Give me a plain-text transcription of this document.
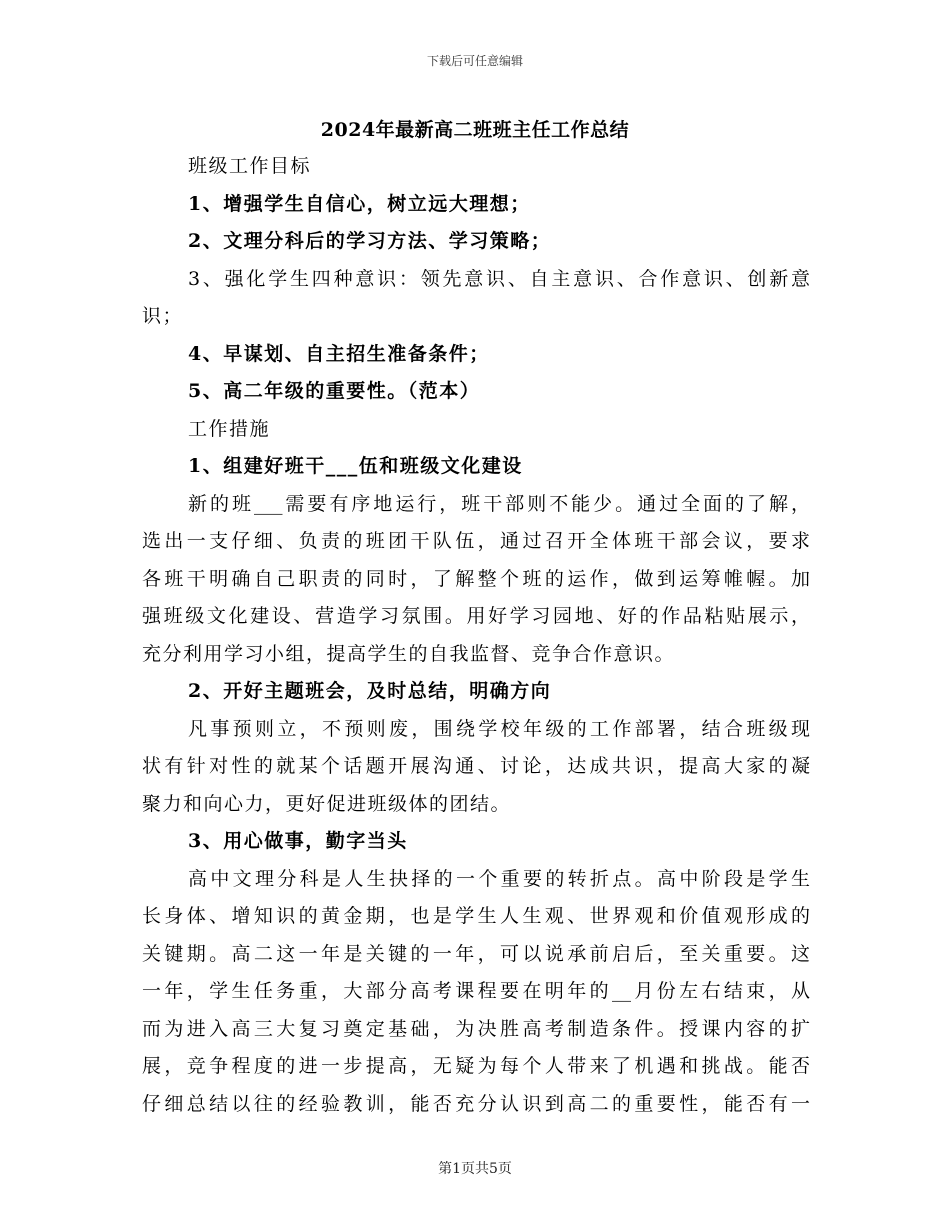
下载后可任意编辑
2024年最新高二班班主任工作总结
班级工作目标
1、增强学生自信心，树立远大理想；
2、文理分科后的学习方法、学习策略；
3、强化学生四种意识：领先意识、自主意识、合作意识、创新意
识；
4、早谋划、自主招生准备条件；
5、高二年级的重要性。（范本）
工作措施
1、组建好班干___伍和班级文化建设
新的班___需要有序地运行，班干部则不能少。通过全面的了解，
选出一支仔细、负责的班团干队伍，通过召开全体班干部会议，要求
各班干明确自己职责的同时，了解整个班的运作，做到运筹帷幄。加
强班级文化建设、营造学习氛围。用好学习园地、好的作品粘贴展示，
充分利用学习小组，提高学生的自我监督、竞争合作意识。
2、开好主题班会，及时总结，明确方向
凡事预则立，不预则废，围绕学校年级的工作部署，结合班级现
状有针对性的就某个话题开展沟通、讨论，达成共识，提高大家的凝
聚力和向心力，更好促进班级体的团结。
3、用心做事，勤字当头
高中文理分科是人生抉择的一个重要的转折点。高中阶段是学生
长身体、增知识的黄金期，也是学生人生观、世界观和价值观形成的
关键期。高二这一年是关键的一年，可以说承前启后，至关重要。这
一年，学生任务重，大部分高考课程要在明年的__月份左右结束，从
而为进入高三大复习奠定基础，为决胜高考制造条件。授课内容的扩
展，竞争程度的进一步提高，无疑为每个人带来了机遇和挑战。能否
仔细总结以往的经验教训，能否充分认识到高二的重要性，能否有一
第1页共5页
